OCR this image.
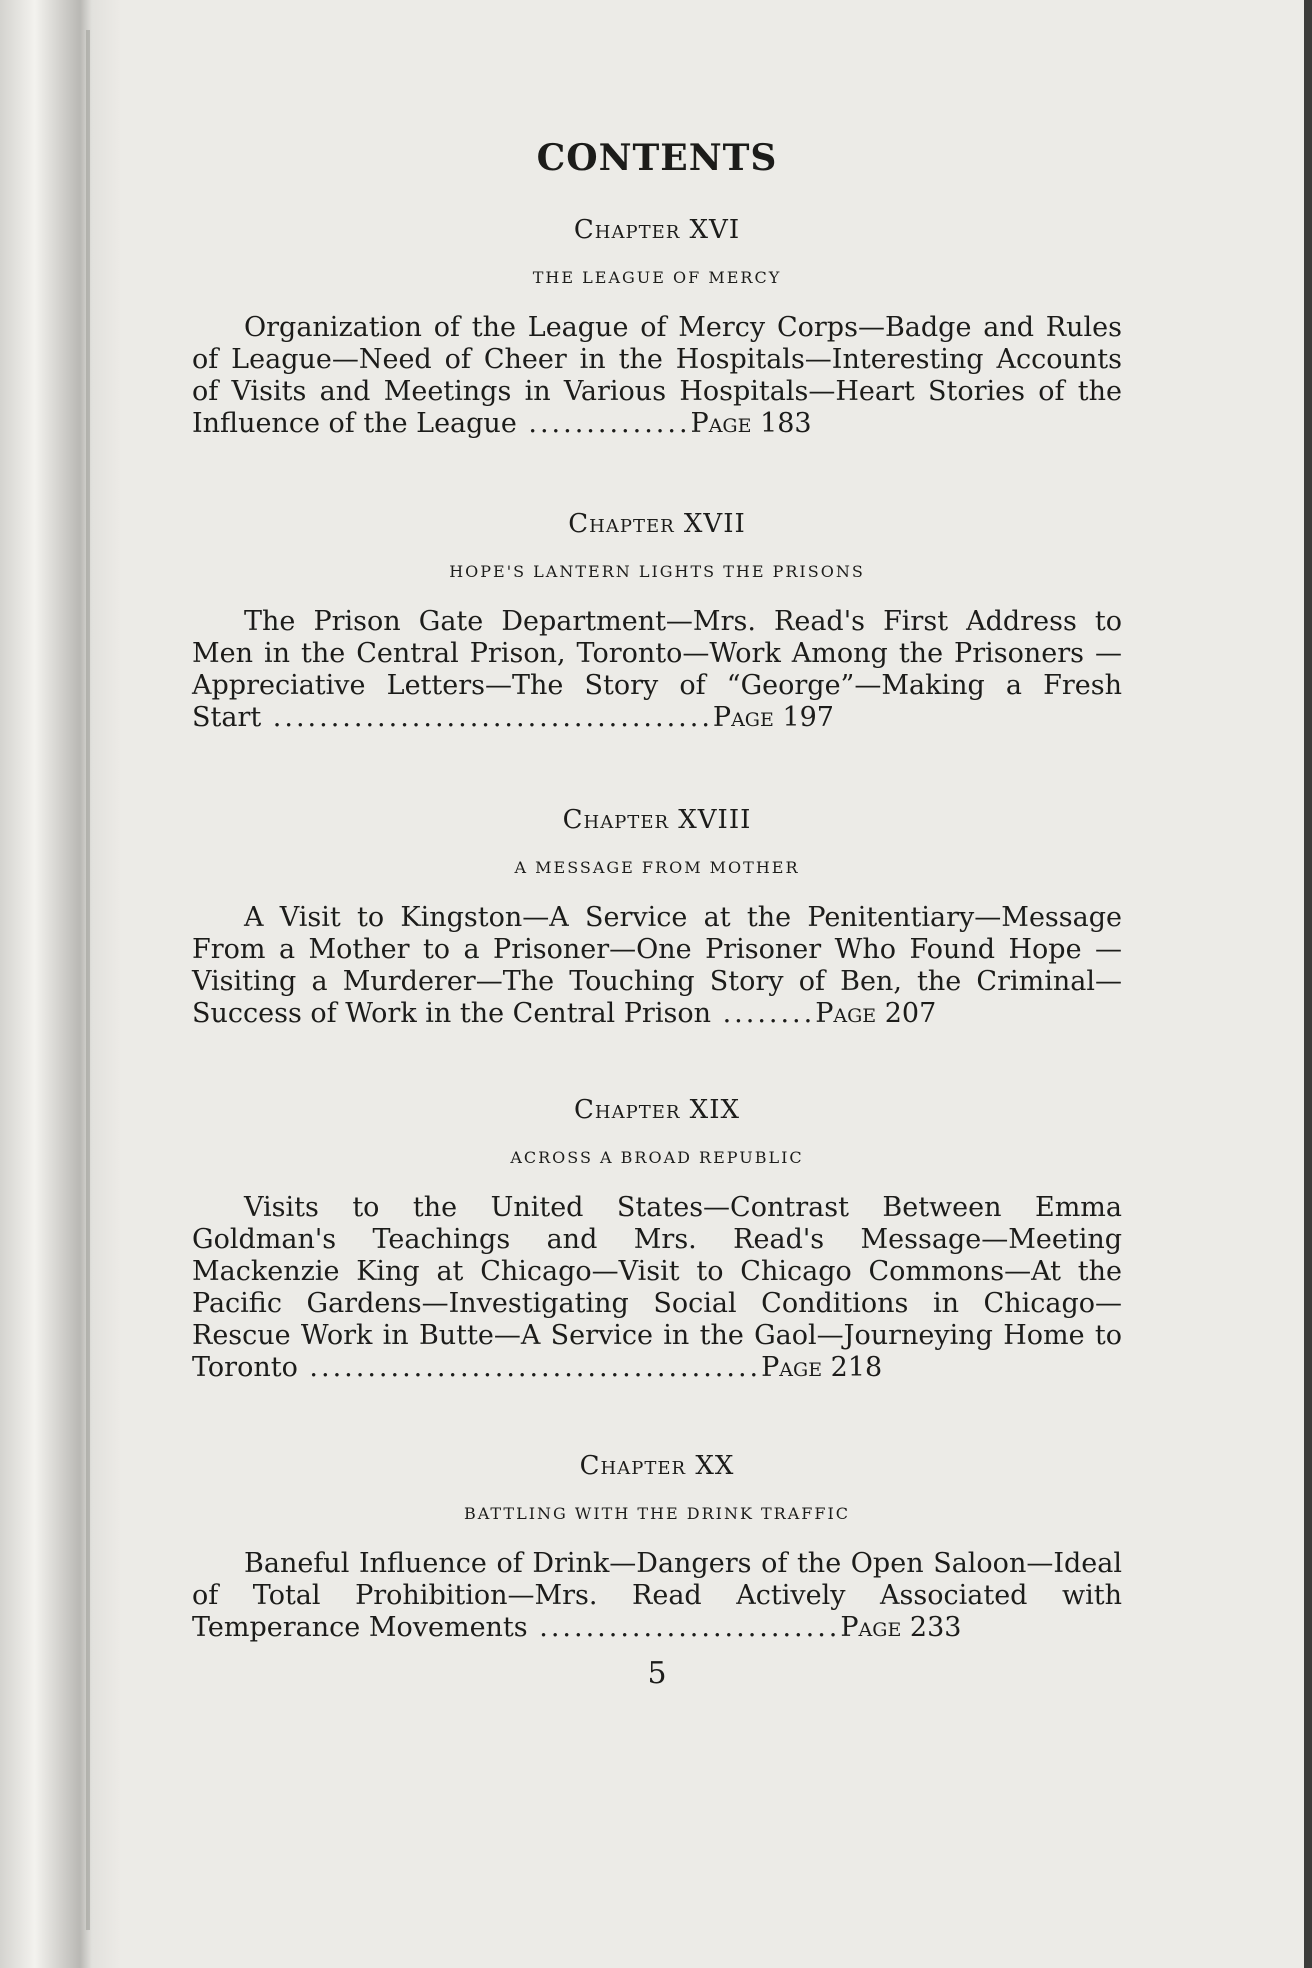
CONTENTS
Chapter XVI
THE LEAGUE OF MERCY

Organization of the League of Mercy Corps—Badge and Rules of League—Need of Cheer in the Hospitals—Interesting Accounts of Visits and Meetings in Various Hospitals—Heart Stories of the Influence of the League ..............Page 183

Chapter XVII
HOPE'S LANTERN LIGHTS THE PRISONS

The Prison Gate Department—Mrs. Read's First Address to Men in the Central Prison, Toronto—Work Among the Prisoners —Appreciative Letters—The Story of “George”—Making a Fresh Start ......................................Page 197

Chapter XVIII
A MESSAGE FROM MOTHER

A Visit to Kingston—A Service at the Penitentiary—Message From a Mother to a Prisoner—One Prisoner Who Found Hope —Visiting a Murderer—The Touching Story of Ben, the Criminal—Success of Work in the Central Prison ........Page 207

Chapter XIX
ACROSS A BROAD REPUBLIC

Visits to the United States—Contrast Between Emma Goldman's Teachings and Mrs. Read's Message—Meeting Mackenzie King at Chicago—Visit to Chicago Commons—At the Pacific Gardens—Investigating Social Conditions in Chicago—Rescue Work in Butte—A Service in the Gaol—Journeying Home to Toronto .......................................Page 218

Chapter XX
BATTLING WITH THE DRINK TRAFFIC

Baneful Influence of Drink—Dangers of the Open Saloon—Ideal of Total Prohibition—Mrs. Read Actively Associated with Temperance Movements ..........................Page 233

5
